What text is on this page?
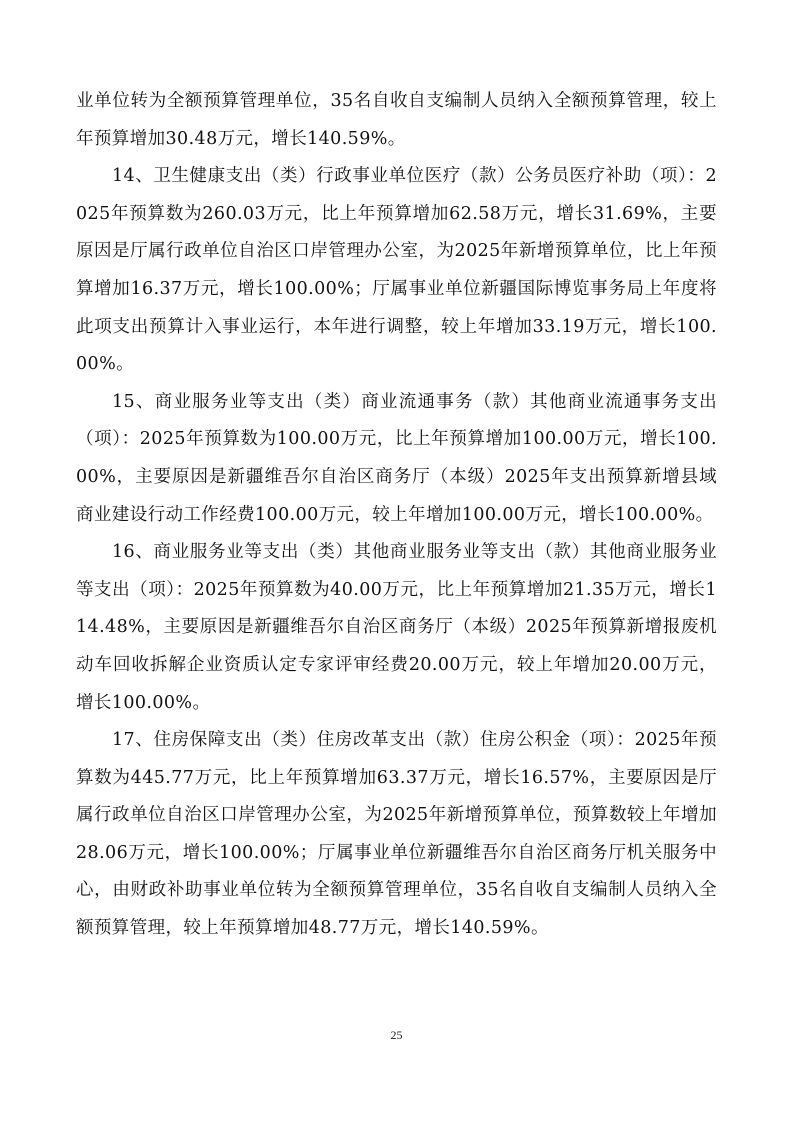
业单位转为全额预算管理单位，35名自收自支编制人员纳入全额预算管理，较上年预算增加30.48万元，增长140.59%。

14、卫生健康支出（类）行政事业单位医疗（款）公务员医疗补助（项）：2025年预算数为260.03万元，比上年预算增加62.58万元，增长31.69%，主要原因是厅属行政单位自治区口岸管理办公室，为2025年新增预算单位，比上年预算增加16.37万元，增长100.00%；厅属事业单位新疆国际博览事务局上年度将此项支出预算计入事业运行，本年进行调整，较上年增加33.19万元，增长100.00%。

15、商业服务业等支出（类）商业流通事务（款）其他商业流通事务支出（项）：2025年预算数为100.00万元，比上年预算增加100.00万元，增长100.00%，主要原因是新疆维吾尔自治区商务厅（本级）2025年支出预算新增县域商业建设行动工作经费100.00万元，较上年增加100.00万元，增长100.00%。

16、商业服务业等支出（类）其他商业服务业等支出（款）其他商业服务业等支出（项）：2025年预算数为40.00万元，比上年预算增加21.35万元，增长114.48%，主要原因是新疆维吾尔自治区商务厅（本级）2025年预算新增报废机动车回收拆解企业资质认定专家评审经费20.00万元，较上年增加20.00万元，增长100.00%。

17、住房保障支出（类）住房改革支出（款）住房公积金（项）：2025年预算数为445.77万元，比上年预算增加63.37万元，增长16.57%，主要原因是厅属行政单位自治区口岸管理办公室，为2025年新增预算单位，预算数较上年增加28.06万元，增长100.00%；厅属事业单位新疆维吾尔自治区商务厅机关服务中心，由财政补助事业单位转为全额预算管理单位，35名自收自支编制人员纳入全额预算管理，较上年预算增加48.77万元，增长140.59%。

25
